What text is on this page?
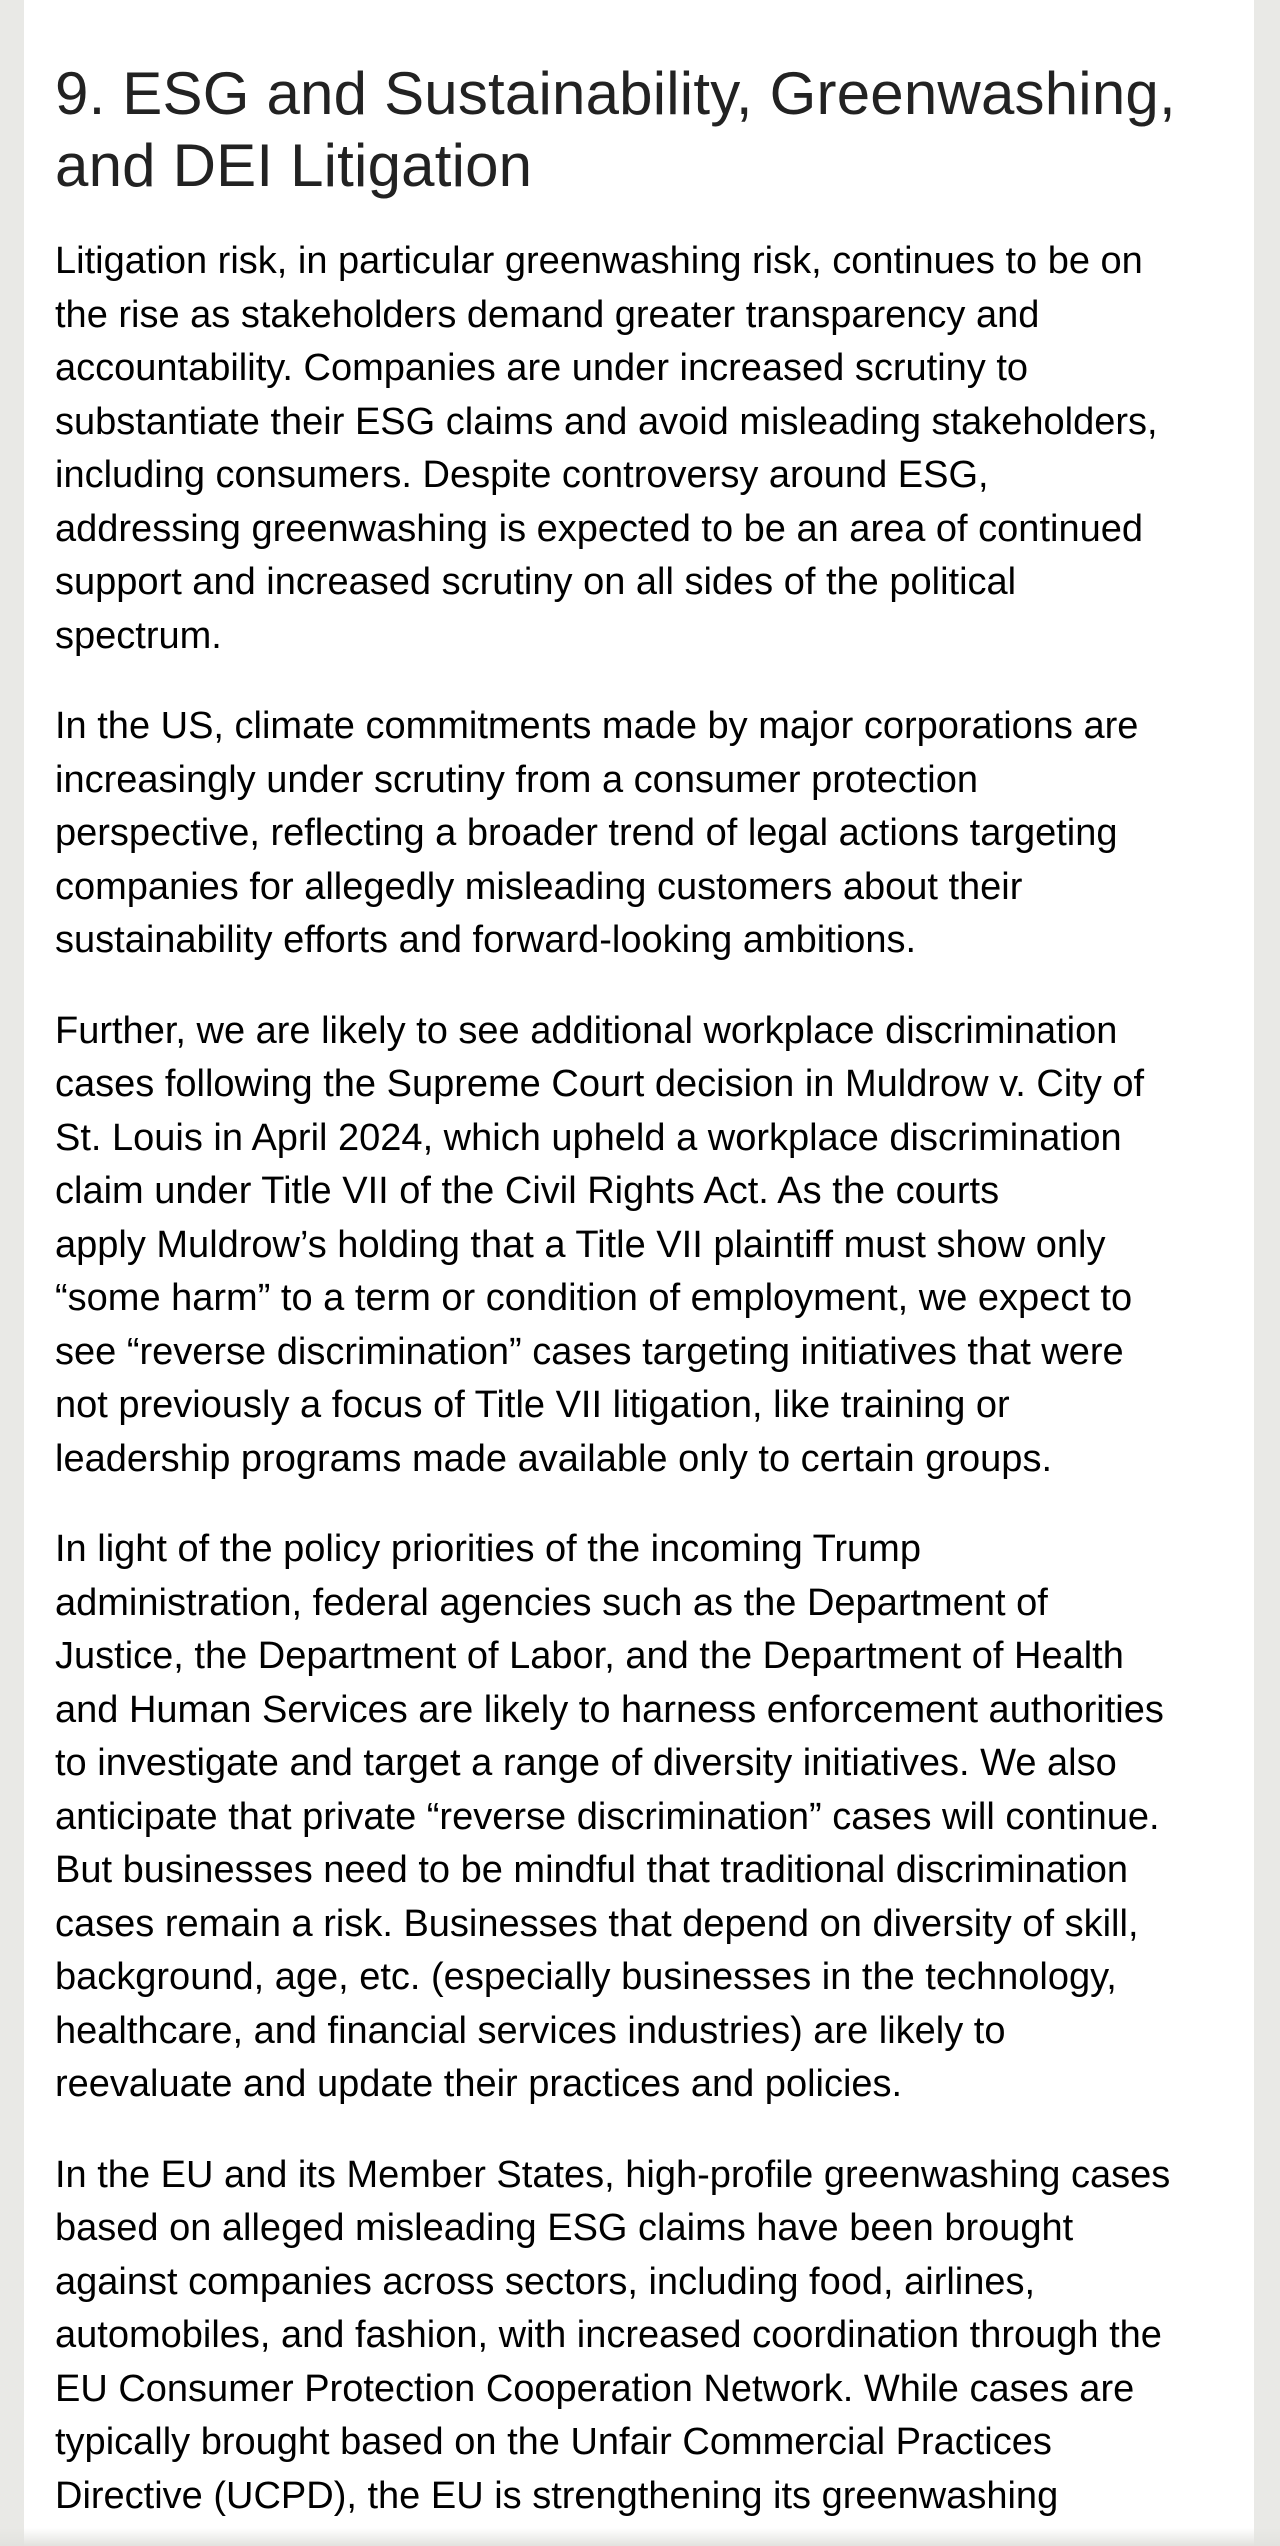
9. ESG and Sustainability, Greenwashing,
and DEI Litigation

Litigation risk, in particular greenwashing risk, continues to be on
the rise as stakeholders demand greater transparency and
accountability. Companies are under increased scrutiny to
substantiate their ESG claims and avoid misleading stakeholders,
including consumers. Despite controversy around ESG,
addressing greenwashing is expected to be an area of continued
support and increased scrutiny on all sides of the political
spectrum.

In the US, climate commitments made by major corporations are
increasingly under scrutiny from a consumer protection
perspective, reflecting a broader trend of legal actions targeting
companies for allegedly misleading customers about their
sustainability efforts and forward-looking ambitions.

Further, we are likely to see additional workplace discrimination
cases following the Supreme Court decision in Muldrow v. City of
St. Louis in April 2024, which upheld a workplace discrimination
claim under Title VII of the Civil Rights Act. As the courts
apply Muldrow’s holding that a Title VII plaintiff must show only
“some harm” to a term or condition of employment, we expect to
see “reverse discrimination” cases targeting initiatives that were
not previously a focus of Title VII litigation, like training or
leadership programs made available only to certain groups.

In light of the policy priorities of the incoming Trump
administration, federal agencies such as the Department of
Justice, the Department of Labor, and the Department of Health
and Human Services are likely to harness enforcement authorities
to investigate and target a range of diversity initiatives. We also
anticipate that private “reverse discrimination” cases will continue.
But businesses need to be mindful that traditional discrimination
cases remain a risk. Businesses that depend on diversity of skill,
background, age, etc. (especially businesses in the technology,
healthcare, and financial services industries) are likely to
reevaluate and update their practices and policies.

In the EU and its Member States, high-profile greenwashing cases
based on alleged misleading ESG claims have been brought
against companies across sectors, including food, airlines,
automobiles, and fashion, with increased coordination through the
EU Consumer Protection Cooperation Network. While cases are
typically brought based on the Unfair Commercial Practices
Directive (UCPD), the EU is strengthening its greenwashing
